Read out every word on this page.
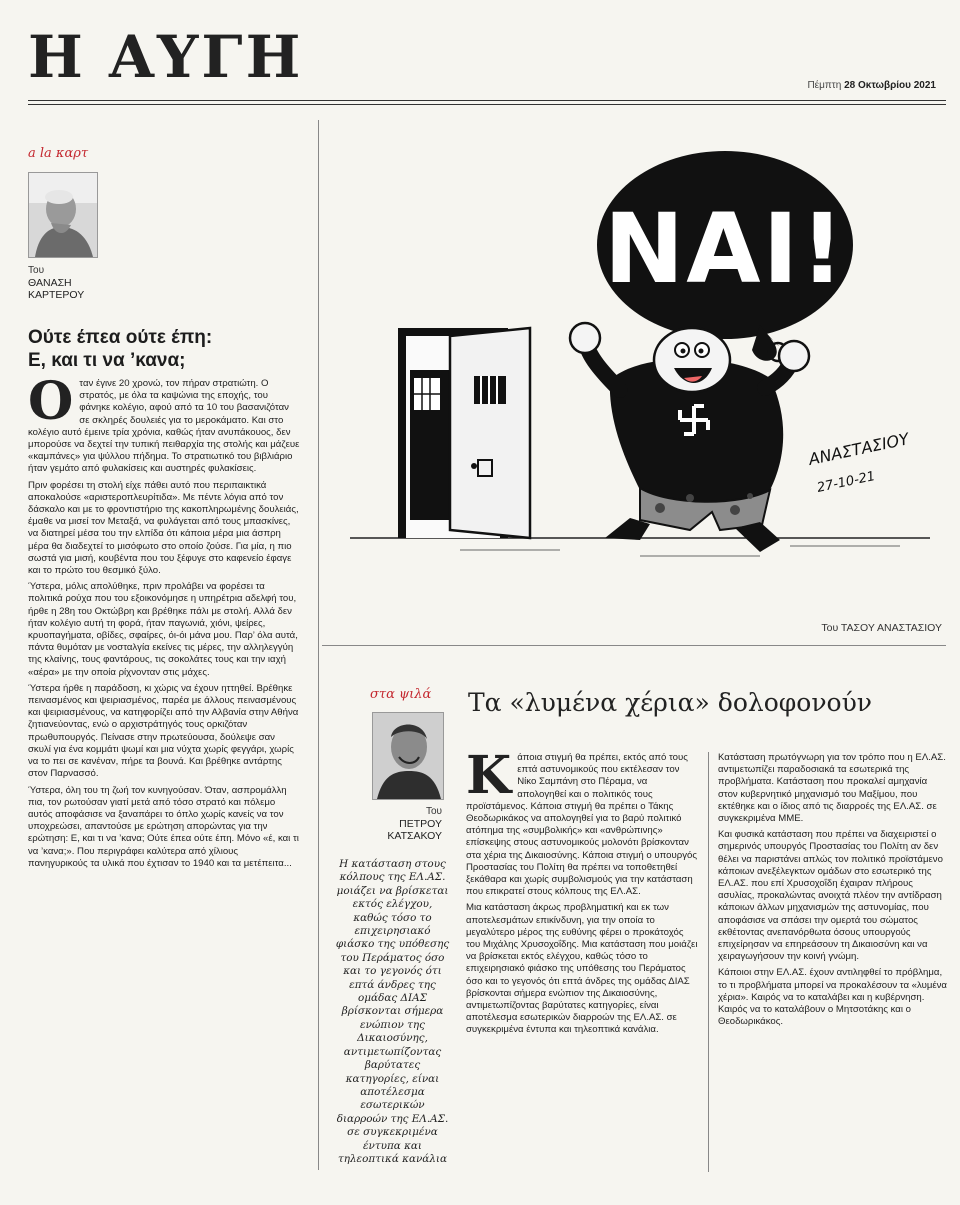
Η ΑΥΓΗ	Πέμπτη 28 Οκτωβρίου 2021
a la καρτ
Του
ΘΑΝΑΣΗ
ΚΑΡΤΕΡΟΥ
Ούτε έπεα ούτε έπη:
Ε, και τι να ’κανα;
Ο ταν έγινε 20 χρονώ, τον πήραν στρατιώτη. Ο στρατός, με όλα τα καψώνια της εποχής, του φάνηκε κολέγιο, αφού από τα 10 του βασανιζόταν σε σκληρές δουλειές για το μεροκάματο. Και στο κολέγιο αυτό έμεινε τρία χρόνια, καθώς ήταν ανυπάκουος, δεν μπορούσε να δεχτεί την τυπική πειθαρχία της στολής και μάζευε «καμπάνες» για ψύλλου πήδημα. Το στρατιωτικό του βιβλιάριο ήταν γεμάτο από φυλακίσεις και αυστηρές φυλακίσεις.

Πριν φορέσει τη στολή είχε πάθει αυτό που περιπαικτικά αποκαλούσε «αριστεροπλευρίτιδα». Με πέντε λόγια από τον δάσκαλο και με το φροντιστήριο της κακοπληρωμένης δουλειάς, έμαθε να μισεί τον Μεταξά, να φυλάγεται από τους μπασκίνες, να διατηρεί μέσα του την ελπίδα ότι κάποια μέρα μια άσπρη μέρα θα διαδεχτεί το μισόφωτο στο οποίο ζούσε. Για μία, η πιο σωστά για μισή, κουβέντα που του ξέφυγε στο καφενείο έφαγε και το πρώτο του θεσμικό ξύλο.

Ύστερα, μόλις απολύθηκε, πριν προλάβει να φορέσει τα πολιτικά ρούχα που του εξοικονόμησε η υπηρέτρια αδελφή του, ήρθε η 28η του Οκτώβρη και βρέθηκε πάλι με στολή. Αλλά δεν ήταν κολέγιο αυτή τη φορά, ήταν παγωνιά, χιόνι, ψείρες, κρυοπαγήματα, οβίδες, σφαίρες, όι-όι μάνα μου. Παρ’ όλα αυτά, πάντα θυμόταν με νοσταλγία εκείνες τις μέρες, την αλληλεγγύη της κλαίνης, τους φαντάρους, τις σοκολάτες τους και την ιαχή «αέρα» με την οποία ρίχνονταν στις μάχες.

Ύστερα ήρθε η παράδοση, κι χώρις να έχουν ηττηθεί. Βρέθηκε πεινασμένος και ψειριασμένος, παρέα με άλλους πεινασμένους και ψειριασμένους, να κατηφορίζει από την Αλβανία στην Αθήνα ζητιανεύοντας, ενώ ο αρχιστράτηγός τους ορκιζόταν πρωθυπουργός. Πείνασε στην πρωτεύουσα, δούλεψε σαν σκυλί για ένα κομμάτι ψωμί και μια νύχτα χωρίς φεγγάρι, χωρίς να το πει σε κανέναν, πήρε τα βουνά. Και βρέθηκε αντάρτης στον Παρνασσό.

Ύστερα, όλη του τη ζωή τον κυνηγούσαν. Όταν, ασπρομάλλη πια, τον ρωτούσαν γιατί μετά από τόσο στρατό και πόλεμο αυτός αποφάσισε να ξαναπάρει το όπλο χωρίς κανείς να τον υποχρεώσει, απαντούσε με ερώτηση απορώντας για την ερώτηση: Ε, και τι να ’κανα; Ούτε έπεα ούτε έπη. Μόνο «έ, και τι να ’κανα;». Που περιγράφει καλύτερα από χίλιους πανηγυρικούς τα υλικά που έχτισαν το 1940 και τα μετέπειτα...

ΝΑΙ!
ΑΝΑΣΤΑΣΙΟΥ
27-10-21
Του ΤΑΣΟΥ ΑΝΑΣΤΑΣΙΟΥ
στα ψιλά
Του
ΠΕΤΡΟΥ
ΚΑΤΣΑΚΟΥ
Τα «λυμένα χέρια» δολοφονούν
Η κατάσταση στους κόλπους της ΕΛ.ΑΣ. μοιάζει να βρίσκεται εκτός ελέγχου, καθώς τόσο το επιχειρησιακό φιάσκο της υπόθεσης του Περάματος όσο και το γεγονός ότι επτά άνδρες της ομάδας ΔΙΑΣ βρίσκονται σήμερα ενώπιον της Δικαιοσύνης, αντιμετωπίζοντας βαρύτατες κατηγορίες, είναι αποτέλεσμα εσωτερικών διαρροών της ΕΛ.ΑΣ. σε συγκεκριμένα έντυπα και τηλεοπτικά κανάλια
Κ άποια στιγμή θα πρέπει, εκτός από τους επτά αστυνομικούς που εκτέλεσαν τον Νίκο Σαμπάνη στο Πέραμα, να απολογηθεί και ο πολιτικός τους προϊστάμενος. Κάποια στιγμή θα πρέπει ο Τάκης Θεοδωρικάκος να απολογηθεί για το βαρύ πολιτικό ατόπημα της «συμβολικής» και «ανθρώπινης» επίσκεψης στους αστυνομικούς μολονότι βρίσκονταν στα χέρια της Δικαιοσύνης. Κάποια στιγμή ο υπουργός Προστασίας του Πολίτη θα πρέπει να τοποθετηθεί ξεκάθαρα και χωρίς συμβολισμούς για την κατάσταση που επικρατεί στους κόλπους της ΕΛ.ΑΣ.

Μια κατάσταση άκρως προβληματική και εκ των αποτελεσμάτων επικίνδυνη, για την οποία το μεγαλύτερο μέρος της ευθύνης φέρει ο προκάτοχός του Μιχάλης Χρυσοχοΐδης. Μια κατάσταση που μοιάζει να βρίσκεται εκτός ελέγχου, καθώς τόσο το επιχειρησιακό φιάσκο της υπόθεσης του Περάματος όσο και το γεγονός ότι επτά άνδρες της ομάδας ΔΙΑΣ βρίσκονται σήμερα ενώπιον της Δικαιοσύνης, αντιμετωπίζοντας βαρύτατες κατηγορίες, είναι αποτέλεσμα εσωτερικών διαρροών της ΕΛ.ΑΣ. σε συγκεκριμένα έντυπα και τηλεοπτικά κανάλια.

Κατάσταση πρωτόγνωρη για τον τρόπο που η ΕΛ.ΑΣ. αντιμετωπίζει παραδοσιακά τα εσωτερικά της προβλήματα. Κατάσταση που προκαλεί αμηχανία στον κυβερνητικό μηχανισμό του Μαξίμου, που εκτέθηκε και ο ίδιος από τις διαρροές της ΕΛ.ΑΣ. σε συγκεκριμένα ΜΜΕ.

Και φυσικά κατάσταση που πρέπει να διαχειριστεί ο σημερινός υπουργός Προστασίας του Πολίτη αν δεν θέλει να παριστάνει απλώς τον πολιτικό προϊστάμενο κάποιων ανεξέλεγκτων ομάδων στο εσωτερικό της ΕΛ.ΑΣ. που επί Χρυσοχοΐδη έχαιραν πλήρους ασυλίας, προκαλώντας ανοιχτά πλέον την αντίδραση κάποιων άλλων μηχανισμών της αστυνομίας, που αποφάσισε να σπάσει την ομερτά του σώματος εκθέτοντας ανεπανόρθωτα όσους υπουργούς επιχείρησαν να επηρεάσουν τη Δικαιοσύνη και να χειραγωγήσουν την κοινή γνώμη.

Κάποιοι στην ΕΛ.ΑΣ. έχουν αντιληφθεί το πρόβλημα, το τι προβλήματα μπορεί να προκαλέσουν τα «λυμένα χέρια». Καιρός να το καταλάβει και η κυβέρνηση. Καιρός να το καταλάβουν ο Μητσοτάκης και ο Θεοδωρικάκος.
